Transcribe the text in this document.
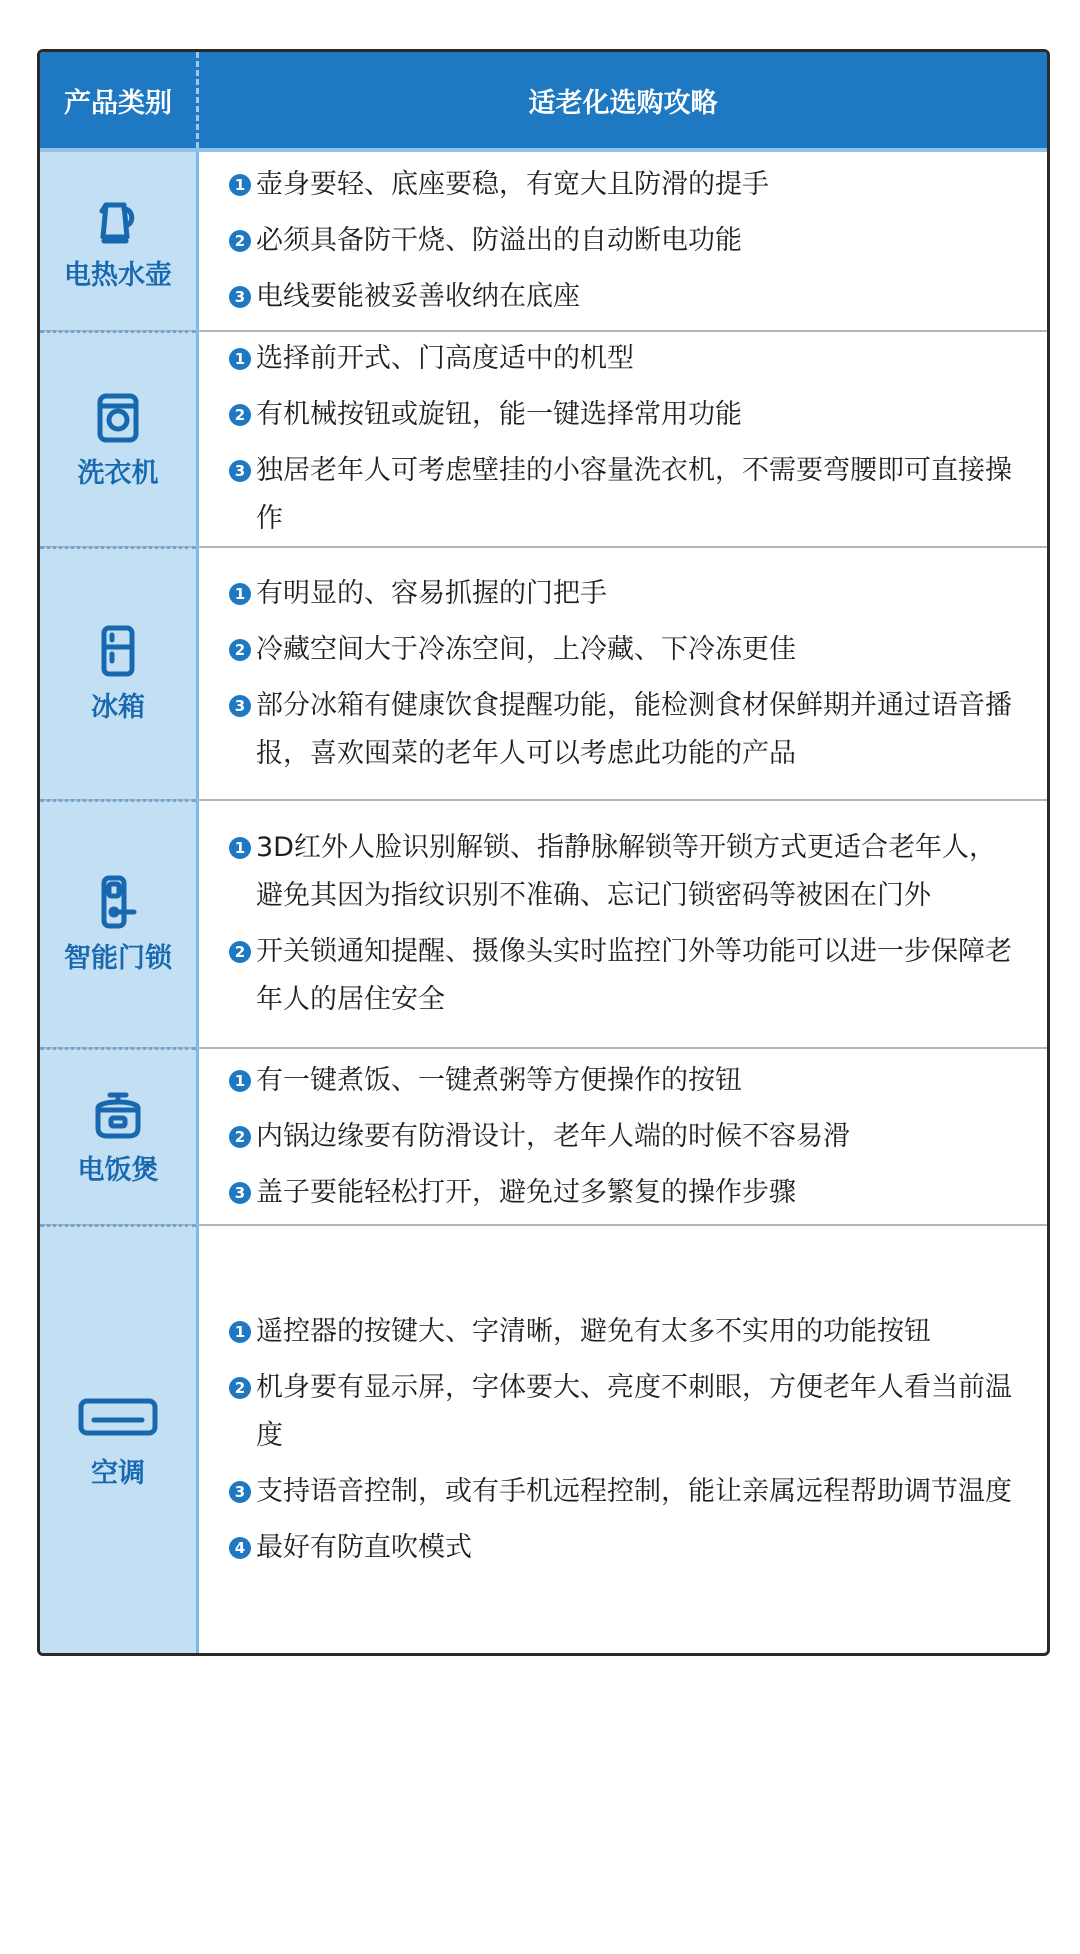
产品类别	适老化选购攻略
电热水壶
1 壶身要轻、底座要稳，有宽大且防滑的提手
2 必须具备防干烧、防溢出的自动断电功能
3 电线要能被妥善收纳在底座
洗衣机
1 选择前开式、门高度适中的机型
2 有机械按钮或旋钮，能一键选择常用功能
3 独居老年人可考虑壁挂的小容量洗衣机，不需要弯腰即可直接操作
冰箱
1 有明显的、容易抓握的门把手
2 冷藏空间大于冷冻空间，上冷藏、下冷冻更佳
3 部分冰箱有健康饮食提醒功能，能检测食材保鲜期并通过语音播报，喜欢囤菜的老年人可以考虑此功能的产品
智能门锁
1 3D红外人脸识别解锁、指静脉解锁等开锁方式更适合老年人，避免其因为指纹识别不准确、忘记门锁密码等被困在门外
2 开关锁通知提醒、摄像头实时监控门外等功能可以进一步保障老年人的居住安全
电饭煲
1 有一键煮饭、一键煮粥等方便操作的按钮
2 内锅边缘要有防滑设计，老年人端的时候不容易滑
3 盖子要能轻松打开，避免过多繁复的操作步骤
空调
1 遥控器的按键大、字清晰，避免有太多不实用的功能按钮
2 机身要有显示屏，字体要大、亮度不刺眼，方便老年人看当前温度
3 支持语音控制，或有手机远程控制，能让亲属远程帮助调节温度
4 最好有防直吹模式
